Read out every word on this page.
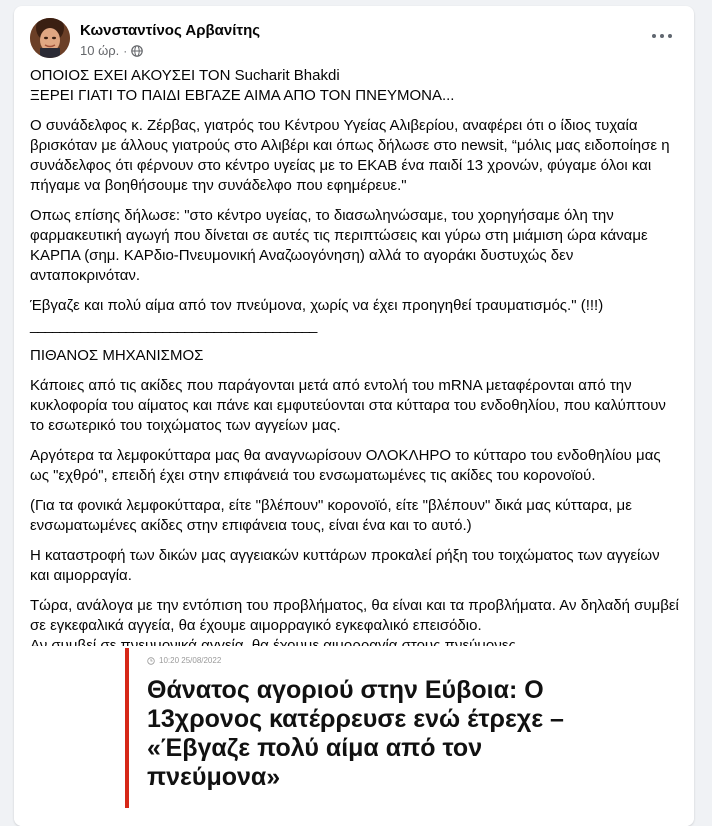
Κωνσταντίνος Αρβανίτης
10 ώρ. ·

ΟΠΟΙΟΣ ΕΧΕΙ ΑΚΟΥΣΕΙ ΤΟΝ Sucharit Bhakdi

ΞΕΡΕΙ ΓΙΑΤΙ ΤΟ ΠΑΙΔΙ ΕΒΓΑΖΕ ΑΙΜΑ ΑΠΟ ΤΟΝ ΠΝΕΥΜΟΝΑ...

Ο συνάδελφος κ. Ζέρβας, γιατρός του Κέντρου Υγείας Αλιβερίου, αναφέρει ότι ο ίδιος τυχαία βρισκόταν με άλλους γιατρούς στο Αλιβέρι και όπως δήλωσε στο newsit, “μόλις μας ειδοποίησε η συνάδελφος ότι φέρνουν στο κέντρο υγείας με το ΕΚΑΒ ένα παιδί 13 χρονών, φύγαμε όλοι και πήγαμε να βοηθήσουμε την συνάδελφο που εφημέρευε."

Οπως επίσης δήλωσε: "στο κέντρο υγείας, το διασωληνώσαμε, του χορηγήσαμε όλη την φαρμακευτική αγωγή που δίνεται σε αυτές τις περιπτώσεις και γύρω στη μιάμιση ώρα κάναμε ΚΑΡΠΑ (σημ. ΚΑΡδιο-Πνευμονική Αναζωογόνηση) αλλά το αγοράκι δυστυχώς δεν ανταποκρινόταν.

Έβγαζε και πολύ αίμα από τον πνεύμονα, χωρίς να έχει προηγηθεί τραυματισμός." (!!!)

_______________________________________

ΠΙΘΑΝΟΣ ΜΗΧΑΝΙΣΜΟΣ

Κάποιες από τις ακίδες που παράγονται μετά από εντολή του mRNA μεταφέρονται από την κυκλοφορία του αίματος και πάνε και εμφυτεύονται στα κύτταρα του ενδοθηλίου, που καλύπτουν το εσωτερικό του τοιχώματος των αγγείων μας.

Αργότερα τα λεμφοκύτταρα μας θα αναγνωρίσουν ΟΛΟΚΛΗΡΟ το κύτταρο του ενδοθηλίου μας ως "εχθρό", επειδή έχει στην επιφάνειά του ενσωματωμένες τις ακίδες του κορονοϊού.

(Για τα φονικά λεμφοκύτταρα, είτε "βλέπουν" κορονοϊό, είτε "βλέπουν" δικά μας κύτταρα, με ενσωματωμένες ακίδες στην επιφάνεια τους, είναι ένα και το αυτό.)

Η καταστροφή των δικών μας αγγειακών κυττάρων προκαλεί ρήξη του τοιχώματος των αγγείων και αιμορραγία.

Τώρα, ανάλογα με την εντόπιση του προβλήματος, θα είναι και τα προβλήματα. Αν δηλαδή συμβεί σε εγκεφαλικά αγγεία, θα έχουμε αιμορραγικό εγκεφαλικό επεισόδιο.

10:20 25/08/2022
Θάνατος αγοριού στην Εύβοια: Ο 13χρονος κατέρρευσε ενώ έτρεχε – «Έβγαζε πολύ αίμα από τον πνεύμονα»
